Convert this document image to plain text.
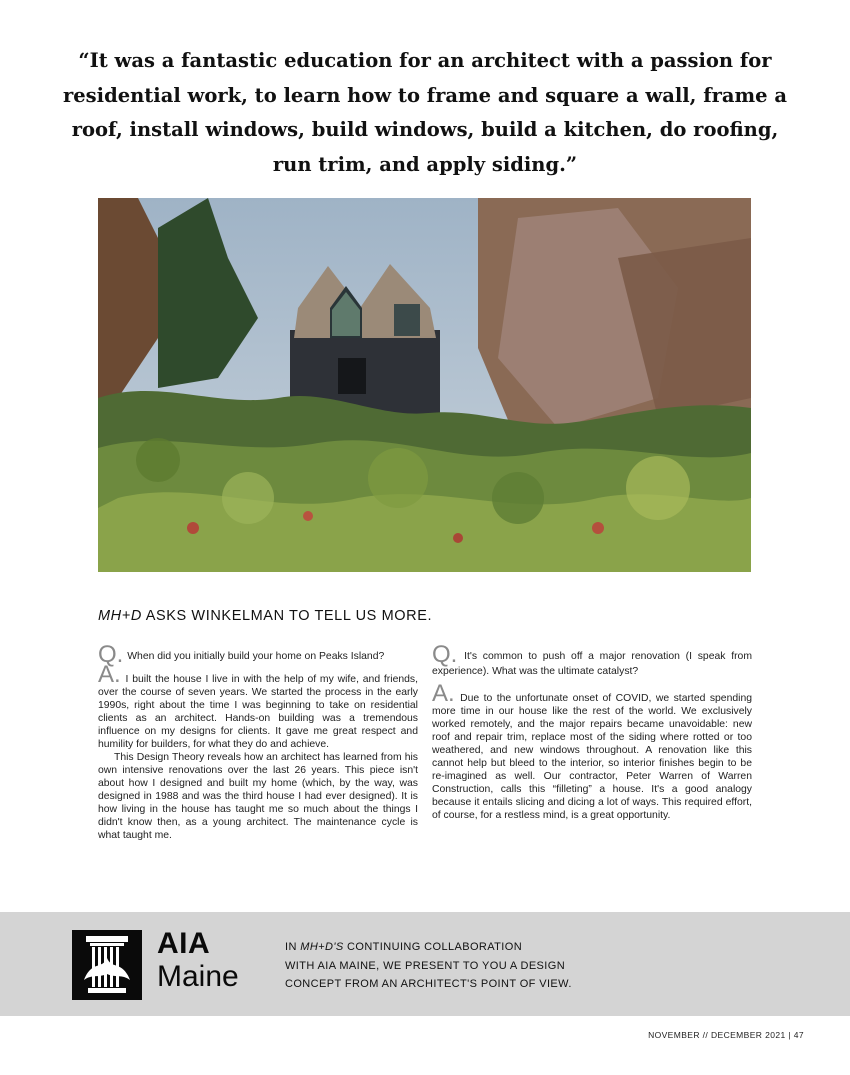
“It was a fantastic education for an architect with a passion for residential work, to learn how to frame and square a wall, frame a roof, install windows, build windows, build a kitchen, do roofing, run trim, and apply siding.”
MH+D ASKS WINKELMAN TO TELL US MORE.

Q. When did you initially build your home on Peaks Island?

A. I built the house I live in with the help of my wife, and friends, over the course of seven years. We started the process in the early 1990s, right about the time I was beginning to take on residential clients as an architect. Hands-on building was a tremendous influence on my designs for clients. It gave me great respect and humility for builders, for what they do and achieve.

This Design Theory reveals how an architect has learned from his own intensive renovations over the last 26 years. This piece isn't about how I designed and built my home (which, by the way, was designed in 1988 and was the third house I had ever designed). It is how living in the house has taught me so much about the things I didn't know then, as a young architect. The maintenance cycle is what taught me.

Q. It's common to push off a major renovation (I speak from experience). What was the ultimate catalyst?

A. Due to the unfortunate onset of COVID, we started spending more time in our house like the rest of the world. We exclusively worked remotely, and the major repairs became unavoidable: new roof and repair trim, replace most of the siding where rotted or too weathered, and new windows throughout. A renovation like this cannot help but bleed to the interior, so interior finishes begin to be re-imagined as well. Our contractor, Peter Warren of Warren Construction, calls this “filleting” a house. It's a good analogy because it entails slicing and dicing a lot of ways. This required effort, of course, for a restless mind, is a great opportunity.

AIA
Maine
IN MH+D'S CONTINUING COLLABORATION
WITH AIA MAINE, WE PRESENT TO YOU A DESIGN
CONCEPT FROM AN ARCHITECT'S POINT OF VIEW.
NOVEMBER // DECEMBER 2021 | 47
